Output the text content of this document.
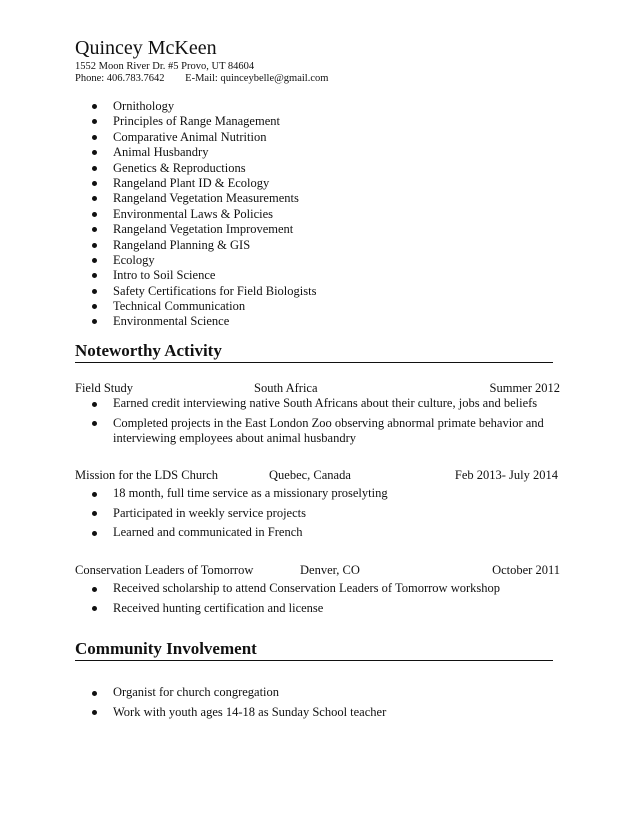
Quincey McKeen
1552 Moon River Dr. #5 Provo, UT 84604
Phone: 406.783.7642 E-Mail: quinceybelle@gmail.com
Ornithology
Principles of Range Management
Comparative Animal Nutrition
Animal Husbandry
Genetics & Reproductions
Rangeland Plant ID & Ecology
Rangeland Vegetation Measurements
Environmental Laws & Policies
Rangeland Vegetation Improvement
Rangeland Planning & GIS
Ecology
Intro to Soil Science
Safety Certifications for Field Biologists
Technical Communication
Environmental Science
Noteworthy Activity
Field Study	South Africa	Summer 2012
Earned credit interviewing native South Africans about their culture, jobs and beliefs
Completed projects in the East London Zoo observing abnormal primate behavior and interviewing employees about animal husbandry
Mission for the LDS Church	Quebec, Canada	Feb 2013- July 2014
18 month, full time service as a missionary proselyting
Participated in weekly service projects
Learned and communicated in French
Conservation Leaders of Tomorrow	Denver, CO	October 2011
Received scholarship to attend Conservation Leaders of Tomorrow workshop
Received hunting certification and license
Community Involvement
Organist for church congregation
Work with youth ages 14-18 as Sunday School teacher
